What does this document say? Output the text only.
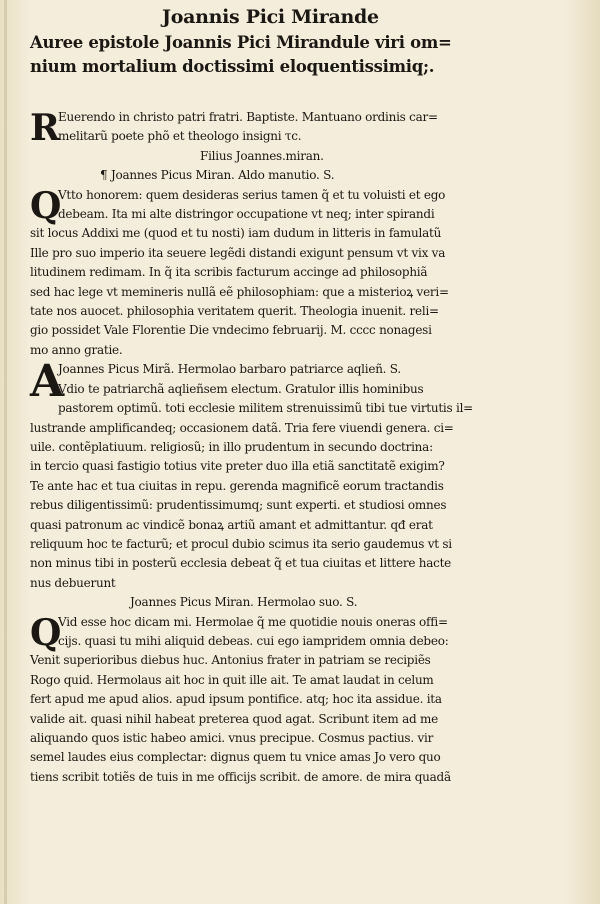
Joannis Pici Mirande
Auree epistole Joannis Pici Mirandule viri om=
nium mortalium doctissimi eloquentissimiq;.
R
Euerendo in christo patri fratri. Baptiste. Mantuano ordinis car=
melitarũ poete phõ et theologo insigni τc.
Filius Joannes.miran.
¶ Joannes Picus Miran. Aldo manutio. S.
Q
Vtto honorem: quem desideras serius tamen q̃ et tu voluisti et ego
debeam. Ita mi alte distringor occupatione vt neq; inter spirandi
sit locus Addixi me (quod et tu nosti) iam dudum in litteris in famulatũ
Ille pro suo imperio ita seuere legẽdi distandi exigunt pensum vt vix va
litudinem redimam. In q̃ ita scribis facturum accinge ad philosophiã
sed hac lege vt memineris nullã eẽ philosophiam: que a misterioꝝ veri=
tate nos auocet. philosophia veritatem querit. Theologia inuenit. reli=
gio possidet Vale Florentie Die vndecimo februarij. M. cccc nonagesi
mo anno gratie.
A
Joannes Picus Mirã. Hermolao barbaro patriarce aqlieñ. S.
Vdio te patriarchã aqlieñsem electum. Gratulor illis hominibus
pastorem optimũ. toti ecclesie militem strenuissimũ tibi tue virtutis il=
lustrande amplificandeq; occasionem datã. Tria fere viuendi genera. ci=
uile. contẽplatiuum. religiosũ; in illo prudentum in secundo doctrina:
in tercio quasi fastigio totius vite preter duo illa etiã sanctitatẽ exigim?
Te ante hac et tua ciuitas in repu. gerenda magnificẽ eorum tractandis
rebus diligentissimũ: prudentissimumq; sunt experti. et studiosi omnes
quasi patronum ac vindicẽ bonaꝝ artiũ amant et admittantur. qđ erat
reliquum hoc te facturũ; et procul dubio scimus ita serio gaudemus vt si
non minus tibi in posterũ ecclesia debeat q̃ et tua ciuitas et littere hacte
nus debuerunt
Joannes Picus Miran. Hermolao suo. S.
Q
Vid esse hoc dicam mi. Hermolae q̃ me quotidie nouis oneras offi=
cijs. quasi tu mihi aliquid debeas. cui ego iampridem omnia debeo:
Venit superioribus diebus huc. Antonius frater in patriam se recipiẽs
Rogo quid. Hermolaus ait hoc in quit ille ait. Te amat laudat in celum
fert apud me apud alios. apud ipsum pontifice. atq; hoc ita assidue. ita
valide ait. quasi nihil habeat preterea quod agat. Scribunt item ad me
aliquando quos istic habeo amici. vnus precipue. Cosmus pactius. vir
semel laudes eius complectar: dignus quem tu vnice amas Jo vero quo
tiens scribit totiẽs de tuis in me officijs scribit. de amore. de mira quadã
